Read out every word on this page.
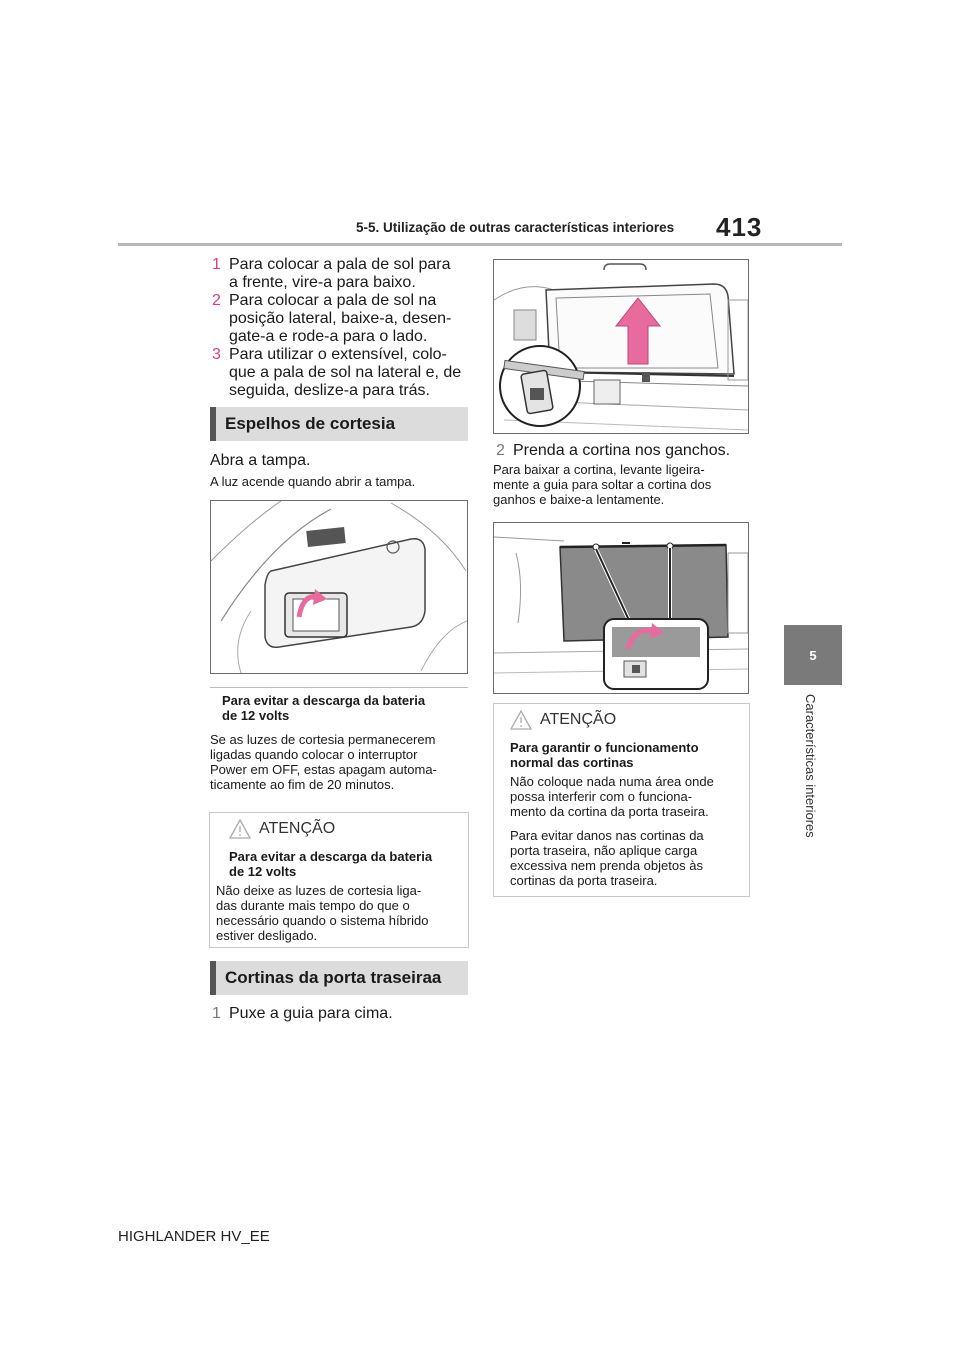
5-5. Utilização de outras características interiores 413
5
Características interiores
1 Para colocar a pala de sol para
a frente, vire-a para baixo.
2 Para colocar a pala de sol na
posição lateral, baixe-a, desen-
gate-a e rode-a para o lado.
3 Para utilizar o extensível, colo-
que a pala de sol na lateral e, de
seguida, deslize-a para trás.
Espelhos de cortesia
Abra a tampa.
A luz acende quando abrir a tampa.
Para evitar a descarga da bateria
de 12 volts
Se as luzes de cortesia permanecerem
ligadas quando colocar o interruptor
Power em OFF, estas apagam automa-
ticamente ao fim de 20 minutos.
ATENÇÃO
Para evitar a descarga da bateria
de 12 volts
Não deixe as luzes de cortesia liga-
das durante mais tempo do que o
necessário quando o sistema híbrido
estiver desligado.
Cortinas da porta traseiraa
1 Puxe a guia para cima.
2 Prenda a cortina nos ganchos.
Para baixar a cortina, levante ligeira-
mente a guia para soltar a cortina dos
ganhos e baixe-a lentamente.
ATENÇÃO
Para garantir o funcionamento
normal das cortinas
Não coloque nada numa área onde
possa interferir com o funciona-
mento da cortina da porta traseira.
Para evitar danos nas cortinas da
porta traseira, não aplique carga
excessiva nem prenda objetos às
cortinas da porta traseira.
HIGHLANDER HV_EE
